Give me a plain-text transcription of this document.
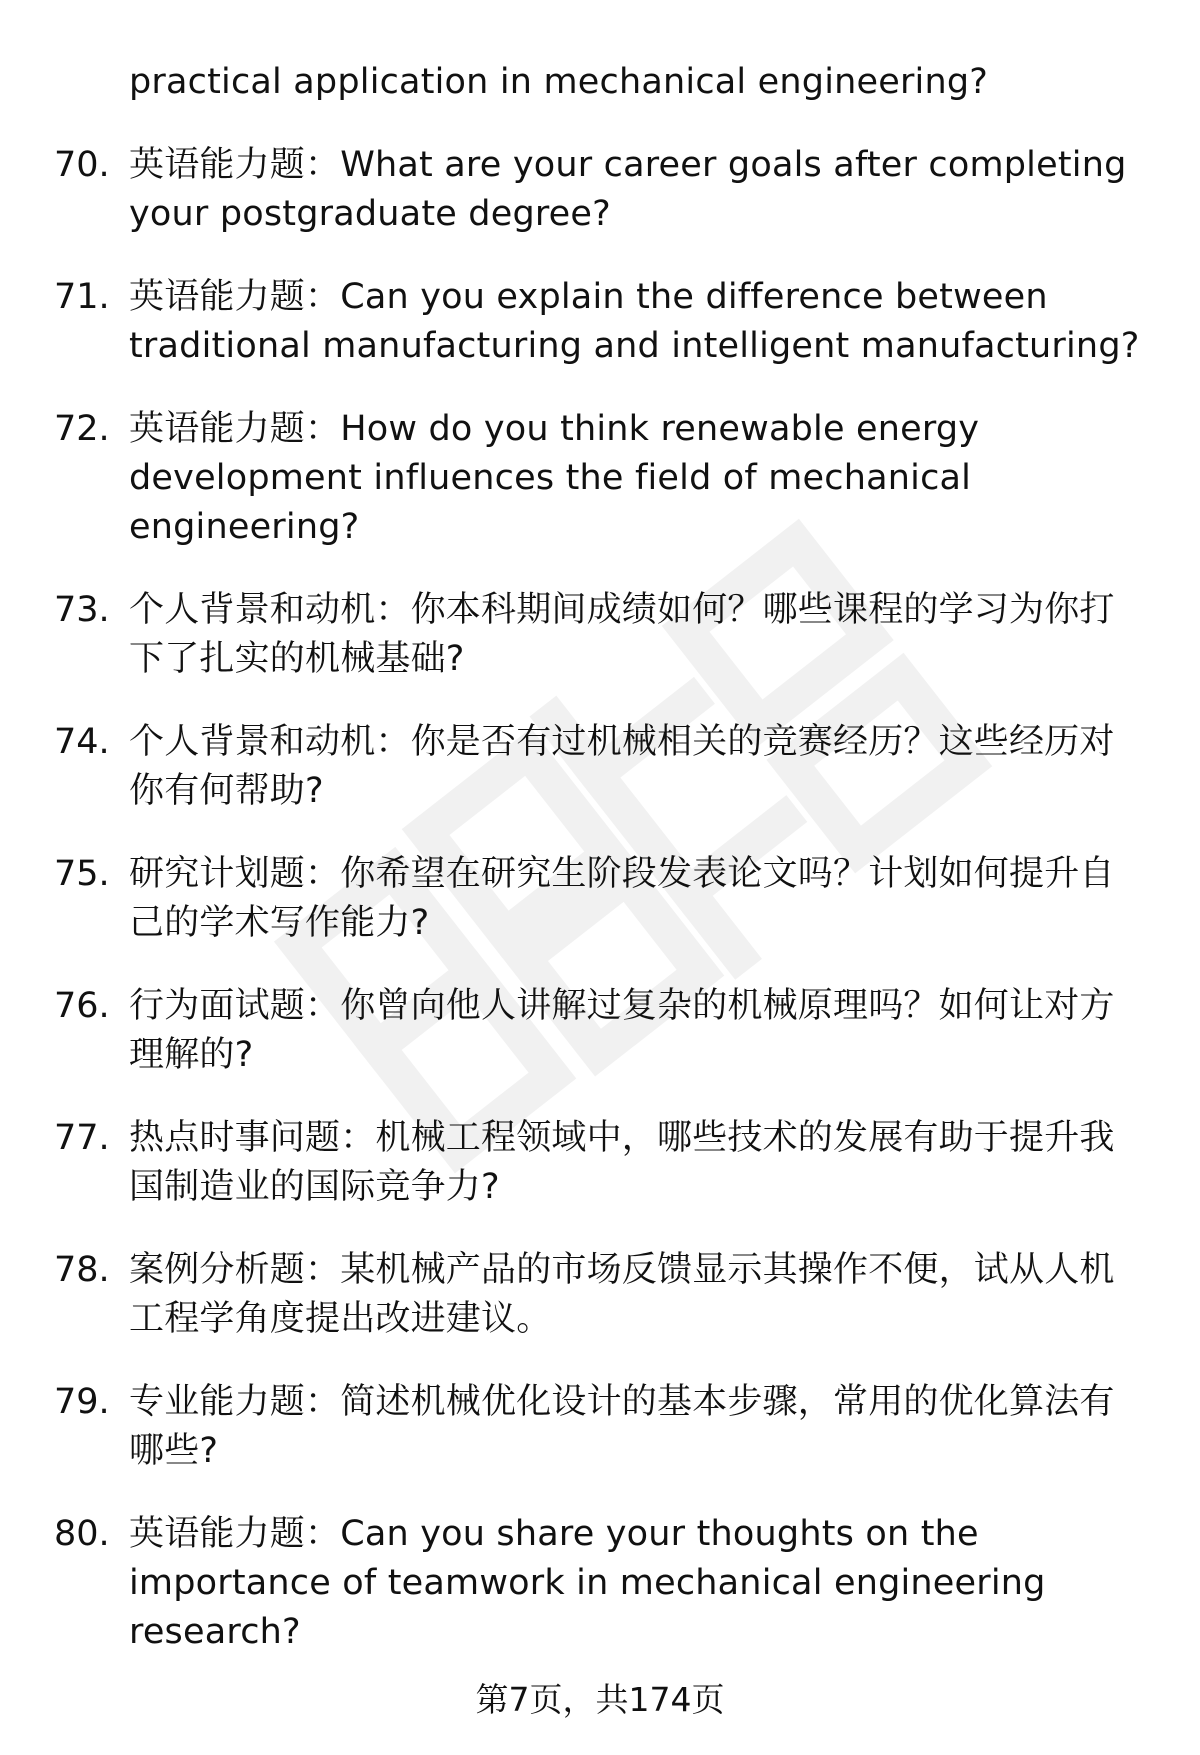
practical application in mechanical engineering?
70. 英语能力题：What are your career goals after completing your postgraduate degree?
71. 英语能力题：Can you explain the difference between traditional manufacturing and intelligent manufacturing?
72. 英语能力题：How do you think renewable energy development influences the field of mechanical engineering?
73. 个人背景和动机：你本科期间成绩如何？哪些课程的学习为你打下了扎实的机械基础?
74. 个人背景和动机：你是否有过机械相关的竞赛经历？这些经历对你有何帮助?
75. 研究计划题：你希望在研究生阶段发表论文吗？计划如何提升自己的学术写作能力?
76. 行为面试题：你曾向他人讲解过复杂的机械原理吗？如何让对方理解的?
77. 热点时事问题：机械工程领域中，哪些技术的发展有助于提升我国制造业的国际竞争力?
78. 案例分析题：某机械产品的市场反馈显示其操作不便，试从人机工程学角度提出改进建议。
79. 专业能力题：简述机械优化设计的基本步骤，常用的优化算法有哪些?
80. 英语能力题：Can you share your thoughts on the importance of teamwork in mechanical engineering research?
第7页，共174页
